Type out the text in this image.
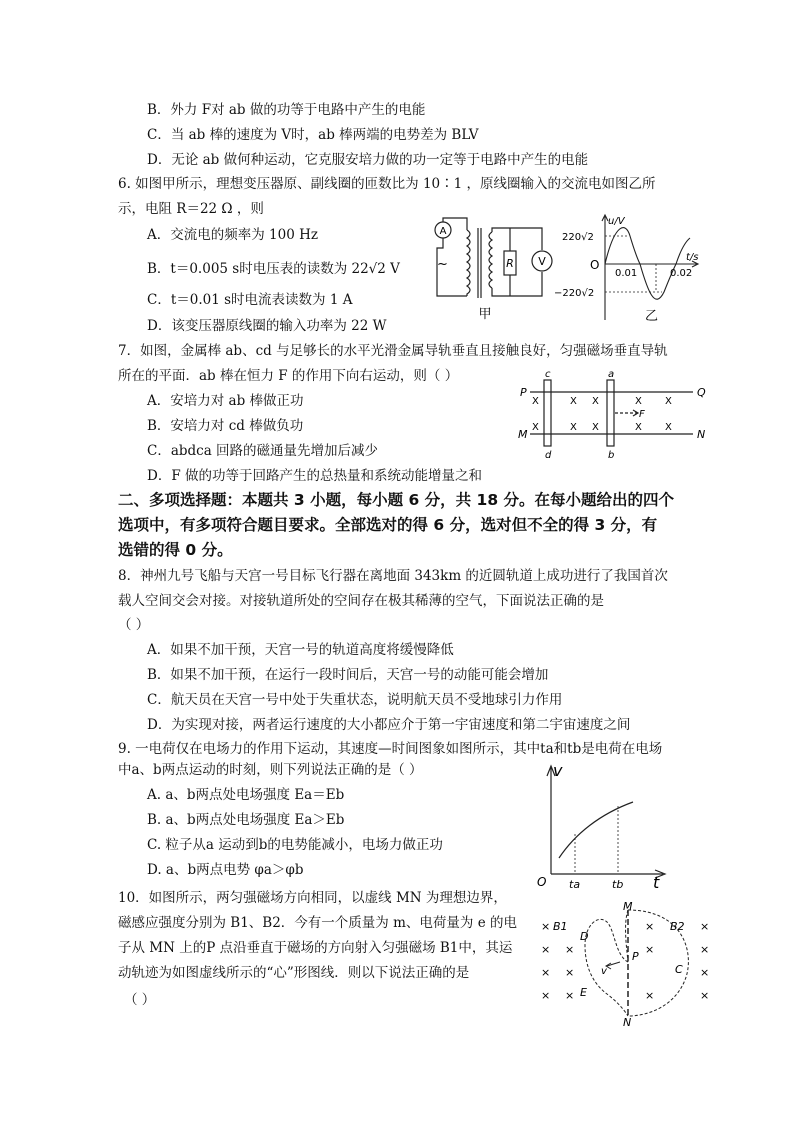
B．外力 F对 ab 做的功等于电路中产生的电能
C．当 ab 棒的速度为 V时，ab 棒两端的电势差为 BLV
D．无论 ab 做何种运动，它克服安培力做的功一定等于电路中产生的电能
6. 如图甲所示，理想变压器原、副线圈的匝数比为 10∶1 ，原线圈输入的交流电如图乙所
示，电阻 R＝22 Ω ，则
A．交流电的频率为 100 Hz
B．t＝0.005 s时电压表的读数为 22√2 V
C．t＝0.01 s时电流表读数为 1 A
D．该变压器原线圈的输入功率为 22 W
A
~	R V
甲
u/V
t/s
220√2
−220√2
O
0.01	0.02
乙
7．如图，金属棒 ab、cd 与足够长的水平光滑金属导轨垂直且接触良好，匀强磁场垂直导轨
所在的平面．ab 棒在恒力 F 的作用下向右运动，则（ ）
A．安培力对 ab 棒做正功
B．安培力对 cd 棒做负功
C．abdca 回路的磁通量先增加后减少
D．F 做的功等于回路产生的总热量和系统动能增量之和
P	Q
M	N
c	a
d	b
F
X	X X	X X
X	X X	X X
二、多项选择题：本题共 3 小题，每小题 6 分，共 18 分。在每小题给出的四个
选项中，有多项符合题目要求。全部选对的得 6 分，选对但不全的得 3 分，有
选错的得 0 分。
8．神州九号飞船与天宫一号目标飞行器在离地面 343km 的近圆轨道上成功进行了我国首次
载人空间交会对接。对接轨道所处的空间存在极其稀薄的空气，下面说法正确的是
（ ）
A．如果不加干预，天宫一号的轨道高度将缓慢降低
B．如果不加干预，在运行一段时间后，天宫一号的动能可能会增加
C．航天员在天宫一号中处于失重状态，说明航天员不受地球引力作用
D．为实现对接，两者运行速度的大小都应介于第一宇宙速度和第二宇宙速度之间
9. 一电荷仅在电场力的作用下运动，其速度—时间图象如图所示，其中ta和tb是电荷在电场
中a、b两点运动的时刻，则下列说法正确的是（ ）
A. a、b两点处电场强度 Ea＝Eb
B. a、b两点处电场强度 Ea＞Eb
C. 粒子从a 运动到b的电势能减小，电场力做正功
D. a、b两点电势 φa＞φb
v
t
O ta	tb
10．如图所示，两匀强磁场方向相同，以虚线 MN 为理想边界，
磁感应强度分别为 B1、B2．今有一个质量为 m、电荷量为 e 的电
子从 MN 上的P 点沿垂直于磁场的方向射入匀强磁场 B1中，其运
动轨迹为如图虚线所示的“心”形图线．则以下说法正确的是
（ ）
M
N
P
B1	B2
C
D
E
v
×
×
×
×
×
×
×
×	×
×	×
×
×	×
